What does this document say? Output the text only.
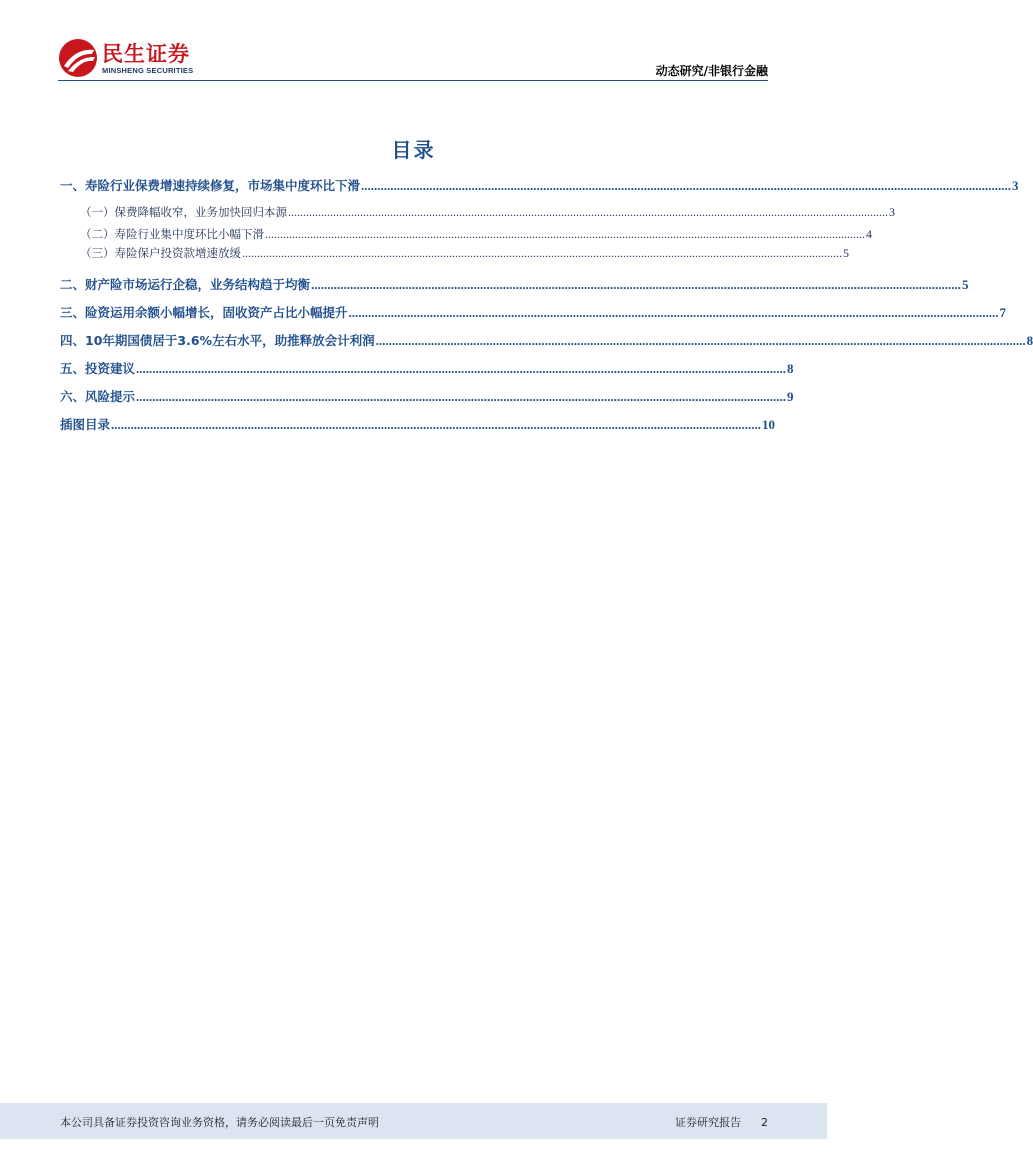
民生证券
MINSHENG SECURITIES	动态研究/非银行金融
目录
一、寿险行业保费增速持续修复，市场集中度环比下滑 ........................................................................................................................................................................................................ 3
（一）保费降幅收窄，业务加快回归本源 ........................................................................................................................................................................................................ 3
（二）寿险行业集中度环比小幅下滑 ........................................................................................................................................................................................................ 4
（三）寿险保户投资款增速放缓 ........................................................................................................................................................................................................ 5
二、财产险市场运行企稳，业务结构趋于均衡 ........................................................................................................................................................................................................ 5
三、险资运用余额小幅增长，固收资产占比小幅提升 ........................................................................................................................................................................................................ 7
四、10年期国债居于3.6%左右水平，助推释放会计利润 ........................................................................................................................................................................................................ 8
五、投资建议 ........................................................................................................................................................................................................ 8
六、风险提示 ........................................................................................................................................................................................................ 9
插图目录 ........................................................................................................................................................................................................ 10
本公司具备证券投资咨询业务资格，请务必阅读最后一页免责声明	证券研究报告 2
